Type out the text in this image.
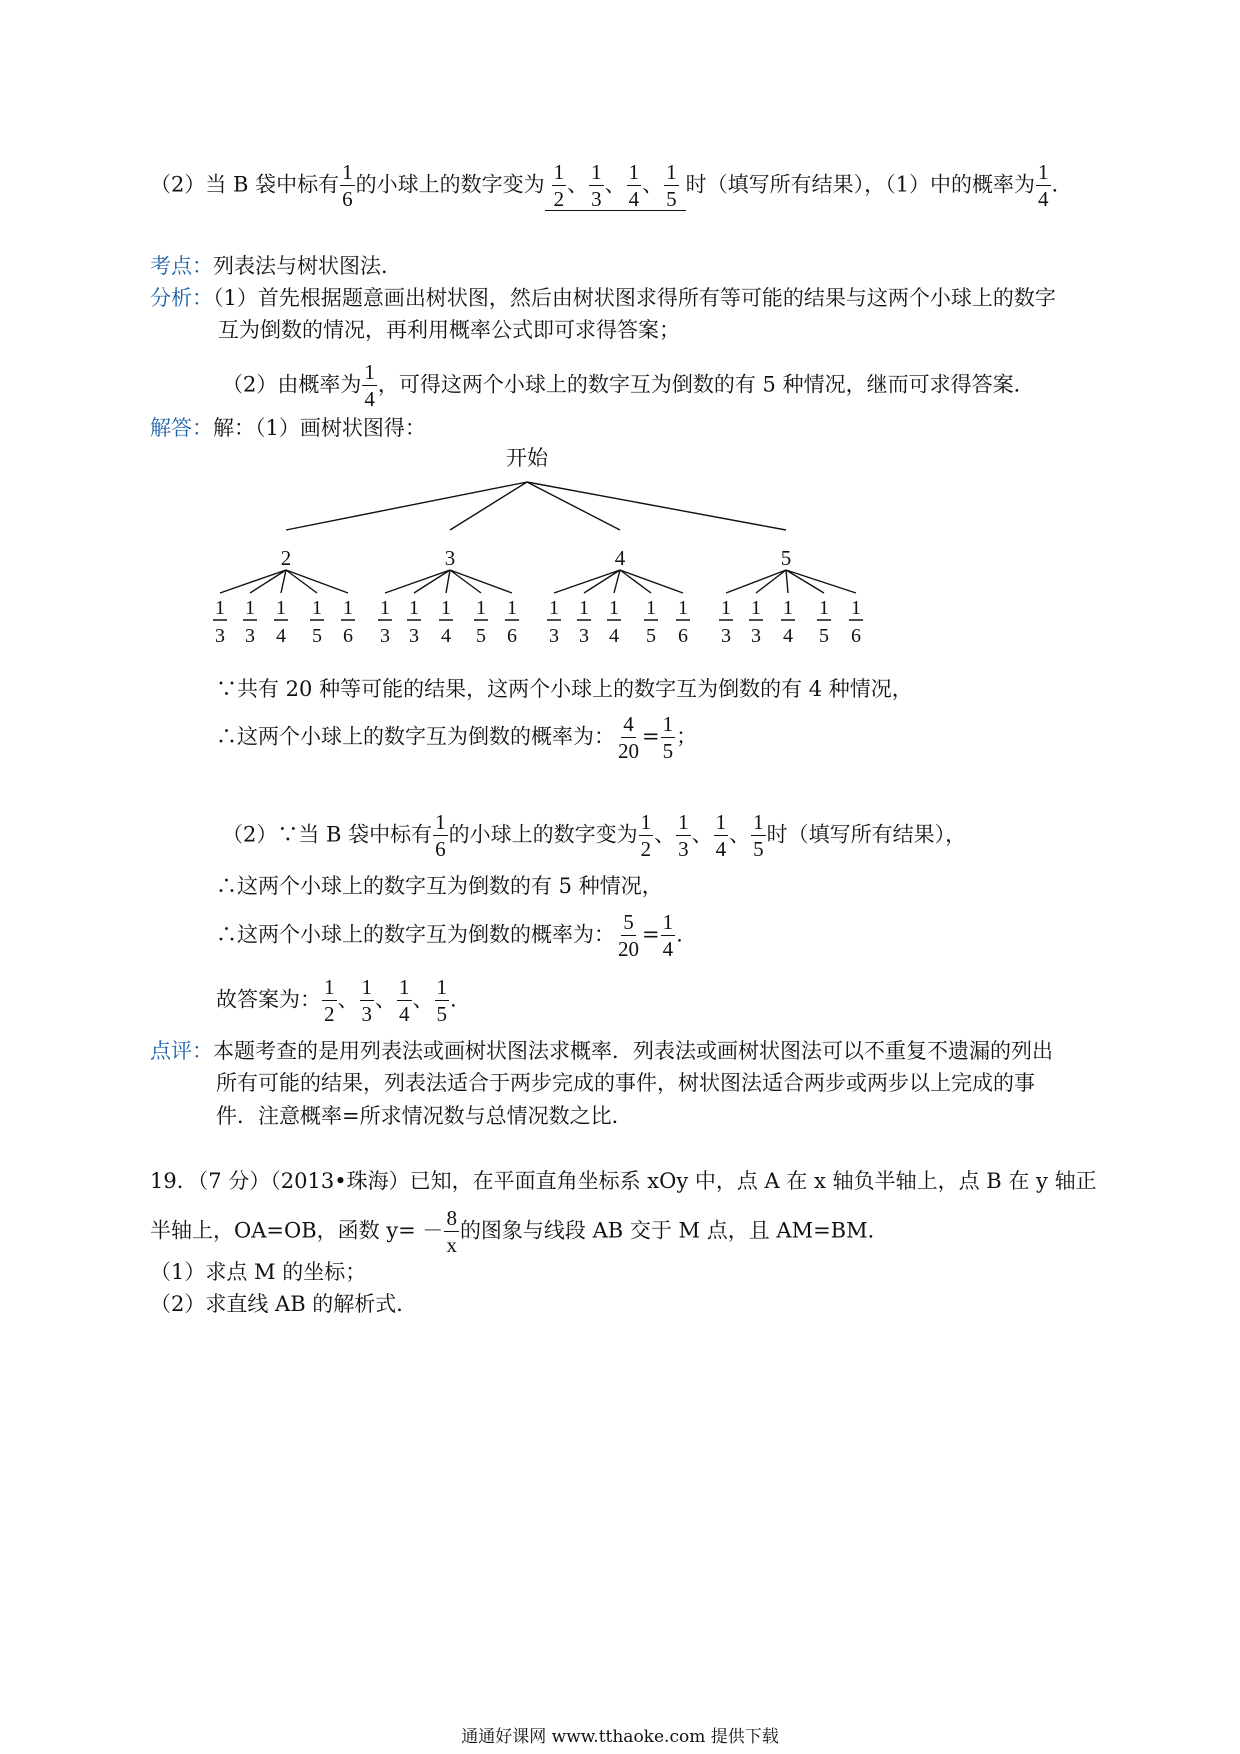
（2）当 B 袋中标有 $\frac{1}{6}$ 的小球上的数字变为 $\frac{1}{2}$ 、 $\frac{1}{3}$ 、 $\frac{1}{4}$ 、 $\frac{1}{5}$ 时（填写所有结果），（1）中的概率为 $\frac{1}{4}$ .
考点：列表法与树状图法．
分析：（1）首先根据题意画出树状图，然后由树状图求得所有等可能的结果与这两个小球上的数字
互为倒数的情况，再利用概率公式即可求得答案；
（2）由概率为 $\frac{1}{4}$ ，可得这两个小球上的数字互为倒数的有 5 种情况，继而可求得答案．
解答：解：（1）画树状图得：
开始
2
1
3
1
3
1
4
1
5
1
6
3
1
3
1
3
1
4
1
5
1
6
4
1
3
1
3
1
4
1
5
1
6
5
1
3
1
3
1
4
1
5
1
6
∵共有 20 种等可能的结果，这两个小球上的数字互为倒数的有 4 种情况，
∴这两个小球上的数字互为倒数的概率为： $\frac{4}{20} = \frac{1}{5}$ ；
（2）∵当 B 袋中标有 $\frac{1}{6}$ 的小球上的数字变为 $\frac{1}{2}$ 、 $\frac{1}{3}$ 、 $\frac{1}{4}$ 、 $\frac{1}{5}$ 时（填写所有结果），
∴这两个小球上的数字互为倒数的有 5 种情况，
∴这两个小球上的数字互为倒数的概率为： $\frac{5}{20} = \frac{1}{4}$ .
故答案为： $\frac{1}{2}$ 、 $\frac{1}{3}$ 、 $\frac{1}{4}$ 、 $\frac{1}{5}$ .
点评：本题考查的是用列表法或画树状图法求概率．列表法或画树状图法可以不重复不遗漏的列出
所有可能的结果，列表法适合于两步完成的事件，树状图法适合两步或两步以上完成的事
件．注意概率=所求情况数与总情况数之比．
19．（7 分）（2013•珠海）已知，在平面直角坐标系 xOy 中，点 A 在 x 轴负半轴上，点 B 在 y 轴正
半轴上，OA=OB，函数 $y= - \frac{8}{x}$ 的图象与线段 AB 交于 M 点，且 AM=BM．
（1）求点 M 的坐标；
（2）求直线 AB 的解析式．
通通好课网 www.tthaoke.com 提供下载
